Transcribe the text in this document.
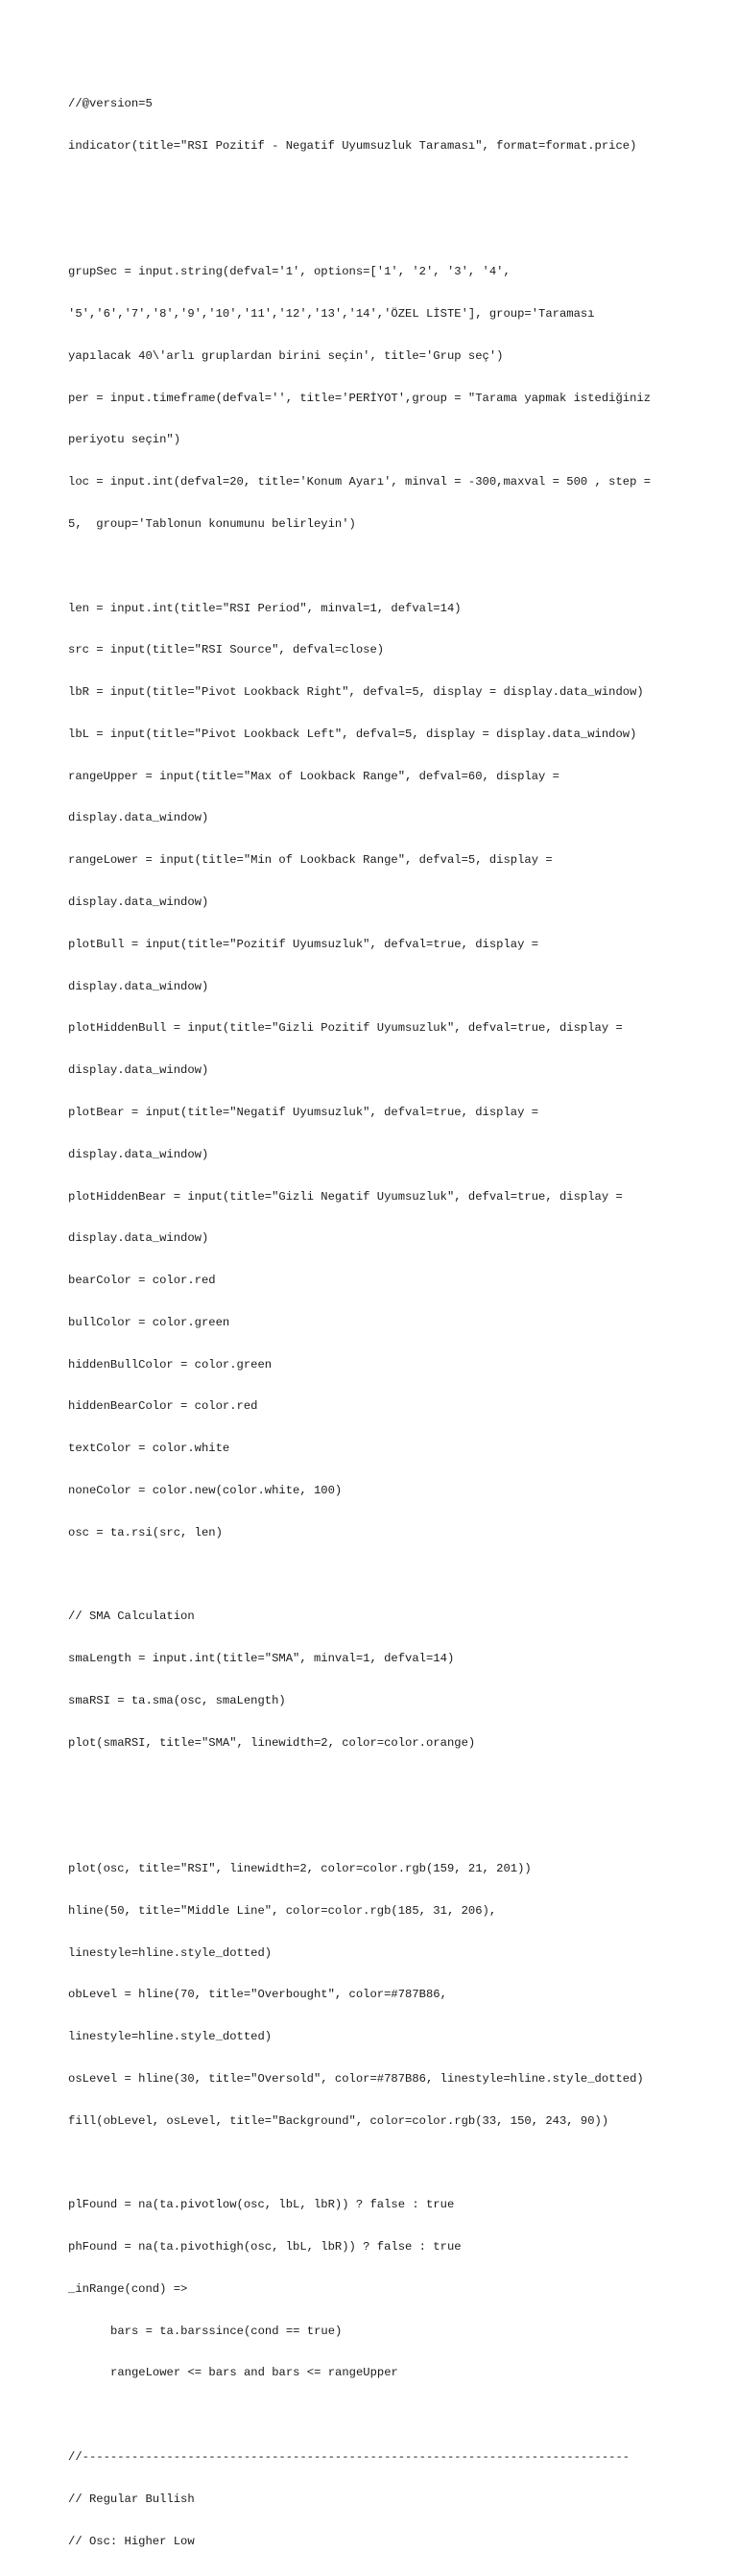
//@version=5

indicator(title="RSI Pozitif - Negatif Uyumsuzluk Taraması", format=format.price)

grupSec = input.string(defval='1', options=['1', '2', '3', '4',

'5','6','7','8','9','10','11','12','13','14','ÖZEL LİSTE'], group='Taraması

yapılacak 40\'arlı gruplardan birini seçin', title='Grup seç')

per = input.timeframe(defval='', title='PERİYOT',group = "Tarama yapmak istediğiniz

periyotu seçin")

loc = input.int(defval=20, title='Konum Ayarı', minval = -300,maxval = 500 , step =

5,  group='Tablonun konumunu belirleyin')

len = input.int(title="RSI Period", minval=1, defval=14)

src = input(title="RSI Source", defval=close)

lbR = input(title="Pivot Lookback Right", defval=5, display = display.data_window)

lbL = input(title="Pivot Lookback Left", defval=5, display = display.data_window)

rangeUpper = input(title="Max of Lookback Range", defval=60, display =

display.data_window)

rangeLower = input(title="Min of Lookback Range", defval=5, display =

display.data_window)

plotBull = input(title="Pozitif Uyumsuzluk", defval=true, display =

display.data_window)

plotHiddenBull = input(title="Gizli Pozitif Uyumsuzluk", defval=true, display =

display.data_window)

plotBear = input(title="Negatif Uyumsuzluk", defval=true, display =

display.data_window)

plotHiddenBear = input(title="Gizli Negatif Uyumsuzluk", defval=true, display =

display.data_window)

bearColor = color.red

bullColor = color.green

hiddenBullColor = color.green

hiddenBearColor = color.red

textColor = color.white

noneColor = color.new(color.white, 100)

osc = ta.rsi(src, len)

// SMA Calculation

smaLength = input.int(title="SMA", minval=1, defval=14)

smaRSI = ta.sma(osc, smaLength)

plot(smaRSI, title="SMA", linewidth=2, color=color.orange)

plot(osc, title="RSI", linewidth=2, color=color.rgb(159, 21, 201))

hline(50, title="Middle Line", color=color.rgb(185, 31, 206),

linestyle=hline.style_dotted)

obLevel = hline(70, title="Overbought", color=#787B86,

linestyle=hline.style_dotted)

osLevel = hline(30, title="Oversold", color=#787B86, linestyle=hline.style_dotted)

fill(obLevel, osLevel, title="Background", color=color.rgb(33, 150, 243, 90))

plFound = na(ta.pivotlow(osc, lbL, lbR)) ? false : true

phFound = na(ta.pivothigh(osc, lbL, lbR)) ? false : true

_inRange(cond) =>

bars = ta.barssince(cond == true)

rangeLower <= bars and bars <= rangeUpper

//------------------------------------------------------------------------------

// Regular Bullish

// Osc: Higher Low
